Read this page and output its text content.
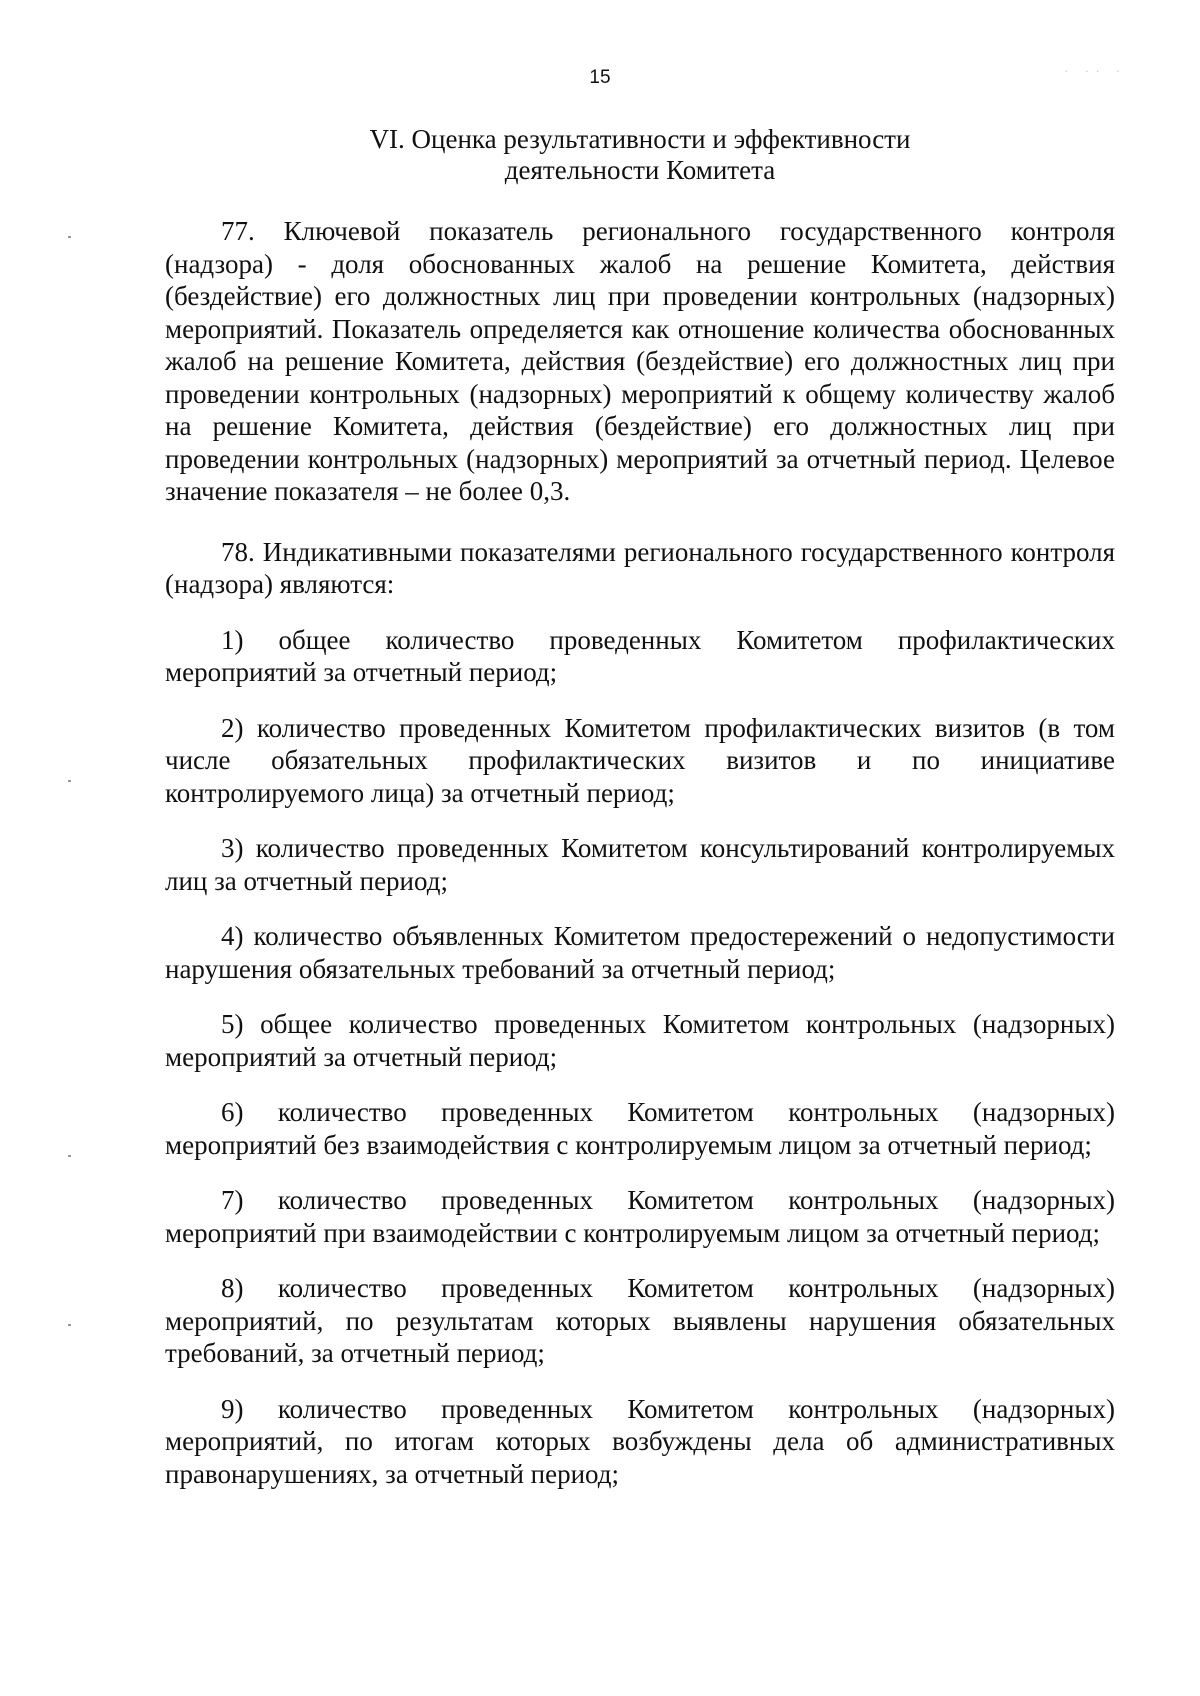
· ·· ·
15
VI. Оценка результативности и эффективности
деятельности Комитета

77. Ключевой показатель регионального государственного контроля (надзора) - доля обоснованных жалоб на решение Комитета, действия (бездействие) его должностных лиц при проведении контрольных (надзорных) мероприятий. Показатель определяется как отношение количества обоснованных жалоб на решение Комитета, действия (бездействие) его должностных лиц при проведении контрольных (надзорных) мероприятий к общему количеству жалоб на решение Комитета, действия (бездействие) его должностных лиц при проведении контрольных (надзорных) мероприятий за отчетный период. Целевое значение показателя – не более 0,3.

78. Индикативными показателями регионального государственного контроля (надзора) являются:

1) общее количество проведенных Комитетом профилактических мероприятий за отчетный период;

2) количество проведенных Комитетом профилактических визитов (в том числе обязательных профилактических визитов и по инициативе контролируемого лица) за отчетный период;

3) количество проведенных Комитетом консультирований контролируемых лиц за отчетный период;

4) количество объявленных Комитетом предостережений о недопустимости нарушения обязательных требований за отчетный период;

5) общее количество проведенных Комитетом контрольных (надзорных) мероприятий за отчетный период;

6) количество проведенных Комитетом контрольных (надзорных) мероприятий без взаимодействия с контролируемым лицом за отчетный период;

7) количество проведенных Комитетом контрольных (надзорных) мероприятий при взаимодействии с контролируемым лицом за отчетный период;

8) количество проведенных Комитетом контрольных (надзорных) мероприятий, по результатам которых выявлены нарушения обязательных требований, за отчетный период;

9) количество проведенных Комитетом контрольных (надзорных) мероприятий, по итогам которых возбуждены дела об административных правонарушениях, за отчетный период;
